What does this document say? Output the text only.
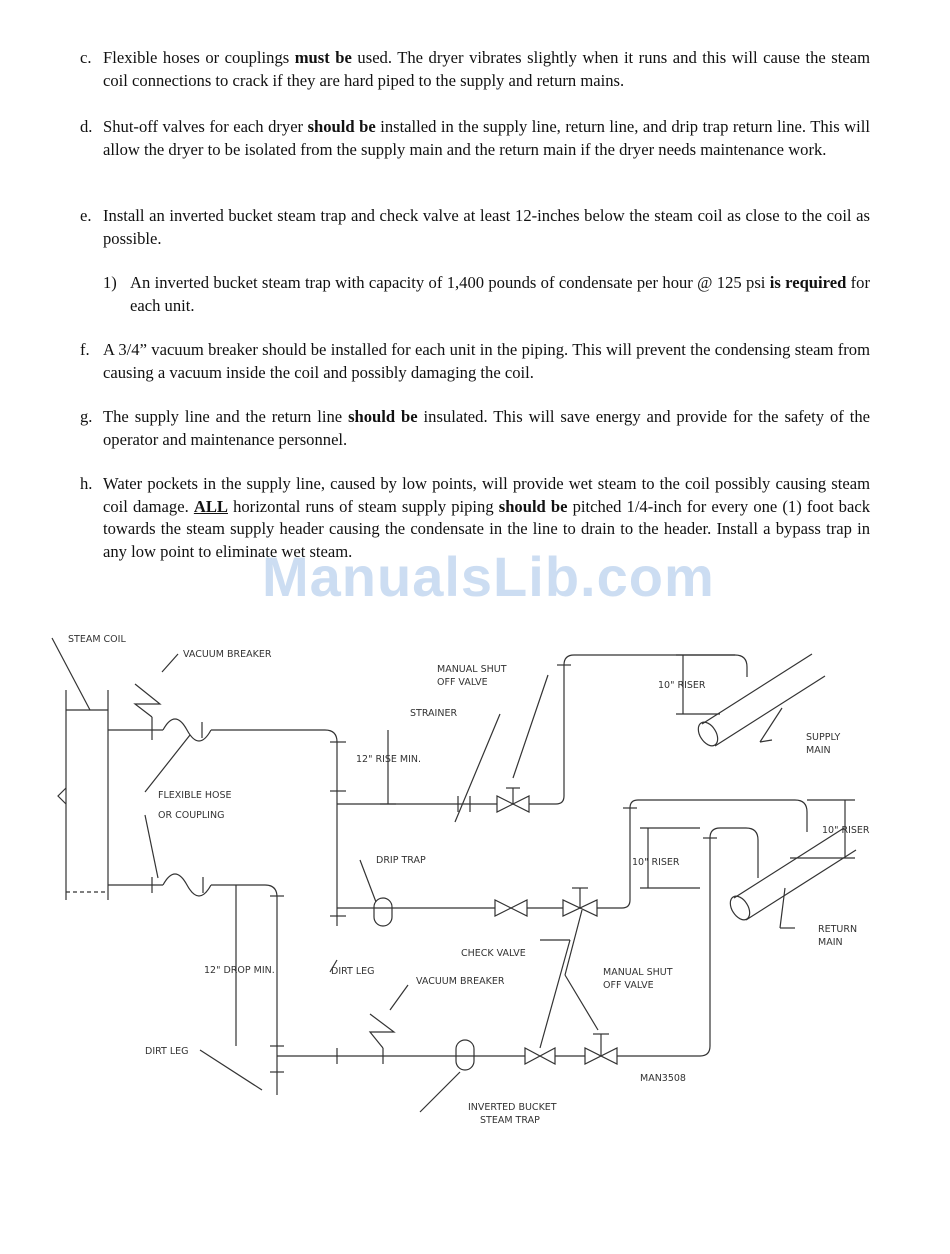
c. Flexible hoses or couplings must be used. The dryer vibrates slightly when it runs and this will cause the steam coil connections to crack if they are hard piped to the supply and return mains.
d. Shut-off valves for each dryer should be installed in the supply line, return line, and drip trap return line. This will allow the dryer to be isolated from the supply main and the return main if the dryer needs maintenance work.
e. Install an inverted bucket steam trap and check valve at least 12-inches below the steam coil as close to the coil as possible.
1) An inverted bucket steam trap with capacity of 1,400 pounds of condensate per hour @ 125 psi is required for each unit.
f. A 3/4” vacuum breaker should be installed for each unit in the piping. This will prevent the condensing steam from causing a vacuum inside the coil and possibly damaging the coil.
g. The supply line and the return line should be insulated. This will save energy and provide for the safety of the operator and maintenance personnel.
h. Water pockets in the supply line, caused by low points, will provide wet steam to the coil possibly causing steam coil damage. ALL horizontal runs of steam supply piping should be pitched 1/4-inch for every one (1) foot back towards the steam supply header causing the condensate in the line to drain to the header. Install a bypass trap in any low point to eliminate wet steam.
ManualsLib.com
STEAM COIL
VACUUM BREAKER
MANUAL SHUT
OFF VALVE
STRAINER
10" RISER
SUPPLY
MAIN
12" RISE MIN.
FLEXIBLE HOSE
OR COUPLING
10" RISER
10" RISER
DRIP TRAP
RETURN
MAIN
12" DROP MIN.	DIRT LEG
CHECK VALVE
MANUAL SHUT
OFF VALVE
VACUUM BREAKER
DIRT LEG
MAN3508
INVERTED BUCKET
STEAM TRAP
